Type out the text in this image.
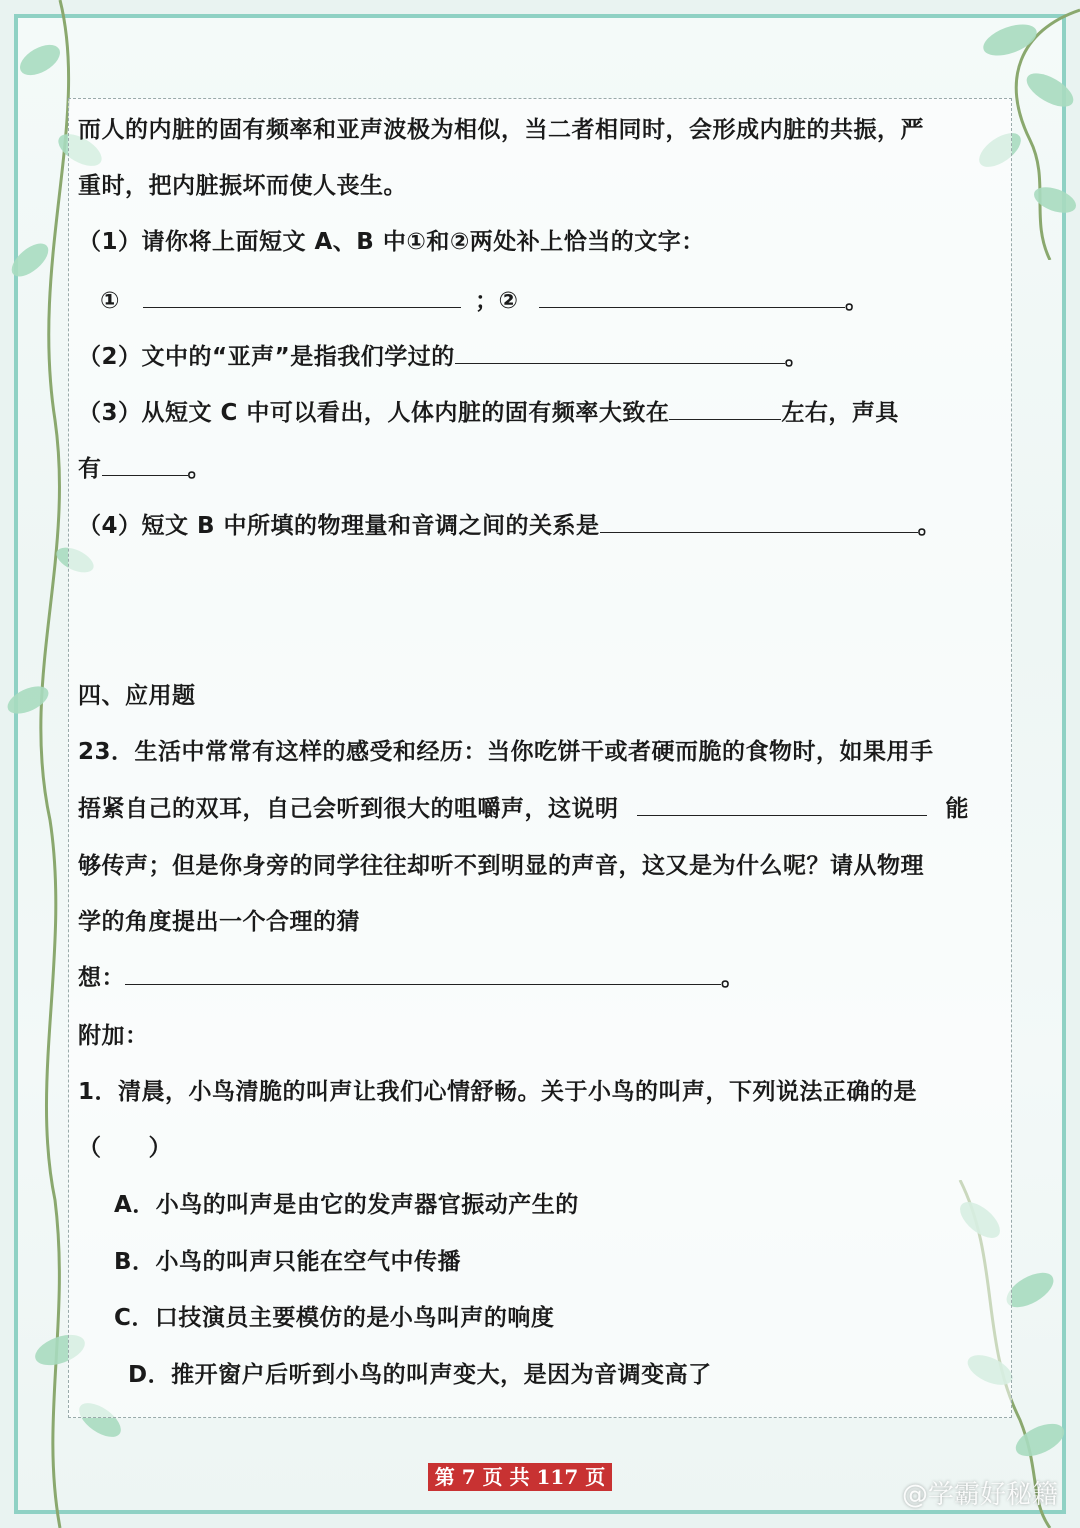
而人的内脏的固有频率和亚声波极为相似，当二者相同时，会形成内脏的共振，严
重时，把内脏振坏而使人丧生。
（1）请你将上面短文 A、B 中①和②两处补上恰当的文字：
①	；②	。
（2）文中的“亚声”是指我们学过的	。
（3）从短文 C 中可以看出，人体内脏的固有频率大致在	左右，声具
有	。
（4）短文 B 中所填的物理量和音调之间的关系是	。
四、应用题
23．生活中常常有这样的感受和经历：当你吃饼干或者硬而脆的食物时，如果用手
捂紧自己的双耳，自己会听到很大的咀嚼声，这说明	能
够传声；但是你身旁的同学往往却听不到明显的声音，这又是为什么呢？请从物理
学的角度提出一个合理的猜
想：	。
附加：
1．清晨，小鸟清脆的叫声让我们心情舒畅。关于小鸟的叫声，下列说法正确的是
（　　）
A．小鸟的叫声是由它的发声器官振动产生的
B．小鸟的叫声只能在空气中传播
C．口技演员主要模仿的是小鸟叫声的响度
D．推开窗户后听到小鸟的叫声变大，是因为音调变高了
第 7 页 共 117 页
@学霸好秘籍
